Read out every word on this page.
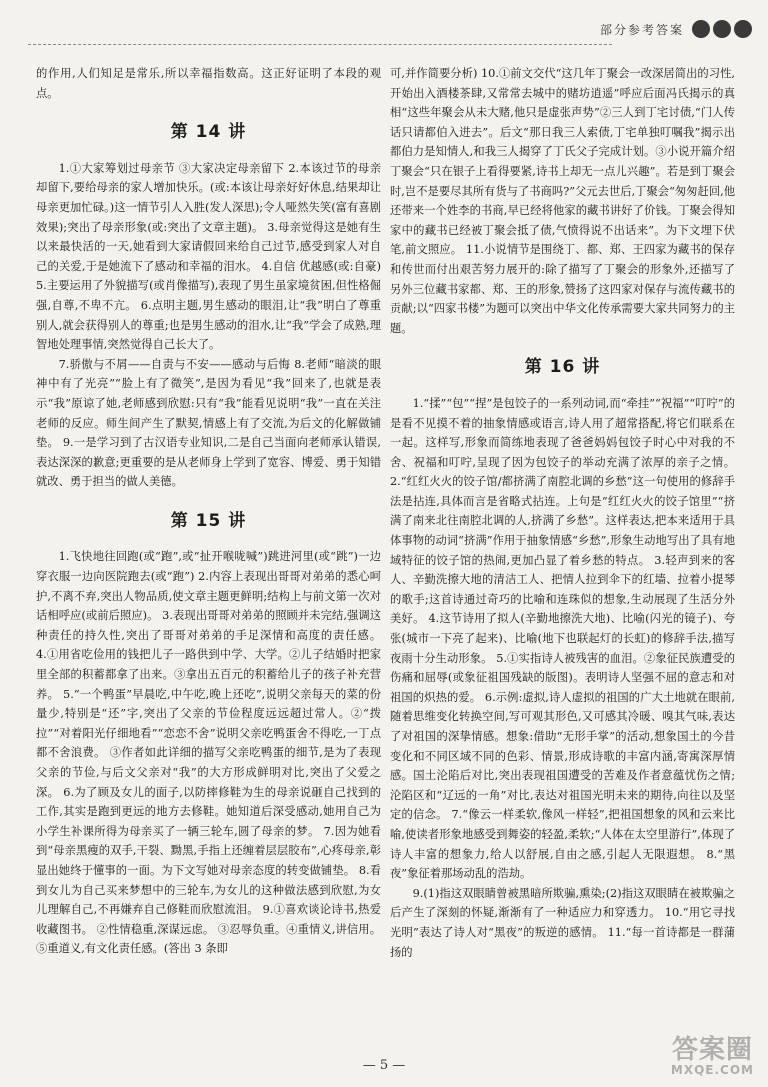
部分参考答案

的作用,人们知足是常乐,所以幸福指数高。这正好证明了本段的观点。

第 14 讲

1.①大家筹划过母亲节 ③大家决定母亲留下 2.本该过节的母亲却留下,要给母亲的家人增加快乐。(或:本该让母亲好好休息,结果却让母亲更加忙碌。)这一情节引人入胜(发人深思);令人哑然失笑(富有喜剧效果);突出了母亲形象(或:突出了文章主题)。 3.母亲觉得这是她有生以来最快活的一天,她看到大家请假回来给自己过节,感受到家人对自己的关爱,于是她流下了感动和幸福的泪水。 4.自信 优越感(或:自豪) 5.主要运用了外貌描写(或肖像描写),表现了男生虽家境贫困,但性格倔强,自尊,不卑不亢。 6.点明主题,男生感动的眼泪,让“我”明白了尊重别人,就会获得别人的尊重;也是男生感动的泪水,让“我”学会了成熟,理智地处理事情,突然觉得自己长大了。

7.骄傲与不屑——自责与不安——感动与后悔 8.老师“暗淡的眼神中有了光亮”“脸上有了微笑”,是因为看见“我”回来了,也就是表示“我”原谅了她,老师感到欣慰:只有“我”能看见说明“我”一直在关注老师的反应。师生间产生了默契,情感上有了交流,为后文的化解做铺垫。 9.一是学习到了古汉语专业知识,二是自己当面向老师承认错误,表达深深的歉意;更重要的是从老师身上学到了宽容、博爱、勇于知错就改、勇于担当的做人美德。

第 15 讲

1.飞快地往回跑(或“跑”,或“扯开喉咙喊”)跳进河里(或“跳”)一边穿衣服一边向医院跑去(或“跑”) 2.内容上表现出哥哥对弟弟的悉心呵护,不离不弃,突出人物品质,使文章主题更鲜明;结构上与前文第一次对话相呼应(或前后照应)。 3.表现出哥哥对弟弟的照顾并未完结,强调这种责任的持久性,突出了哥哥对弟弟的手足深情和高度的责任感。 4.①用省吃俭用的钱把儿子一路供到中学、大学。②儿子结婚时把家里全部的积蓄都拿了出来。③拿出五百元的积蓄给儿子的孩子补充营养。 5.“一个鸭蛋”早晨吃,中午吃,晚上还吃”,说明父亲每天的菜的份量少,特别是“还”字,突出了父亲的节俭程度远远超过常人。②“拨拉”“对着阳光仔细地看”“恋恋不舍”说明父亲吃鸭蛋舍不得吃,一丁点都不舍浪费。 ③作者如此详细的描写父亲吃鸭蛋的细节,是为了表现父亲的节俭,与后文父亲对“我”的大方形成鲜明对比,突出了父爱之深。 6.为了顾及女儿的面子,以防摔修鞋为生的母亲说砸自己找到的工作,其实是跑到更远的地方去修鞋。她知道后深受感动,她用自己为小学生补课所得为母亲买了一辆三轮车,圆了母亲的梦。 7.因为她看到“母亲黑瘦的双手,干裂、黝黑,手指上还缠着层层胶布”,心疼母亲,彰显出她终于懂事的一面。为下文写她对母亲态度的转变做铺垫。 8.看到女儿为自己买来梦想中的三轮车,为女儿的这种做法感到欣慰,为女儿理解自己,不再嫌弃自己修鞋而欣慰流泪。 9.①喜欢谈论诗书,热爱收藏图书。 ②性情稳重,深谋远虑。 ③忍辱负重。④重情义,讲信用。 ⑤重道义,有文化责任感。(答出 3 条即

可,并作简要分析) 10.①前文交代“这几年丁聚会一改深居简出的习性,开始出入酒楼茶肆,又常常去城中的赌坊逍遥”呼应后面冯氏揭示的真相“这些年聚会从未大赌,他只是虚张声势”②三人到丁宅讨债,“门人传话只请都伯入进去”。后文“那日我三人索债,丁宅单独叮嘱我”揭示出都伯力是知情人,和我三人揭穿了丁氏父子完成计划。③小说开篇介绍丁聚会“只在银子上看得要紧,诗书上却无一点儿兴趣”。若是到丁聚会时,岂不是要尽其所有货与了书商吗?”父元去世后,丁聚会“匆匆赶回,他还带来一个姓李的书商,早已经将他家的藏书讲好了价钱。丁聚会得知家中的藏书已经被丁聚会抵了债,气愤得说不出话来”。为下文埋下伏笔,前文照应。 11.小说情节是围绕丁、都、郑、王四家为藏书的保存和传世而付出艰苦努力展开的:除了描写了丁聚会的形象外,还描写了另外三位藏书家都、郑、王的形象,赞扬了这四家对保存与流传藏书的贡献;以“四家书楼”为题可以突出中华文化传承需要大家共同努力的主题。

第 16 讲

1.“揉”“包”“捏”是包饺子的一系列动词,而“牵挂”“祝福”“叮咛”的是看不见摸不着的抽象情感或语言,诗人用了超常搭配,将它们联系在一起。这样写,形象而简练地表现了爸爸妈妈包饺子时心中对我的不舍、祝福和叮咛,呈现了因为包饺子的举动充满了浓厚的亲子之情。 2.“红红火火的饺子馆/都挤满了南腔北调的乡愁”这一句使用的修辞手法是拈连,具体而言是省略式拈连。上句是“红红火火的饺子馆里”“挤满了南来北往南腔北调的人,挤满了乡愁”。这样表达,把本来适用于具体事物的动词“挤满”作用于抽象情感“乡愁”,形象生动地写出了具有地域特征的饺子馆的热闹,更加凸显了着乡愁的特点。 3.轻声到来的客人、辛勤洗擦大地的清洁工人、把情人拉到伞下的红墙、拉着小提琴的歌手;这首诗通过奇巧的比喻和连珠似的想象,生动展现了生活分外美好。 4.这节诗用了拟人(辛勤地擦洗大地)、比喻(闪光的镜子)、夸张(城市一下亮了起来)、比喻(地下也联起灯的长虹)的修辞手法,描写夜雨十分生动形象。 5.①实指诗人被残害的血泪。②象征民族遭受的伤痛和屈辱(或象征祖国残缺的版图)。表明诗人坚强不屈的意志和对祖国的炽热的爱。 6.示例:虚拟,诗人虚拟的祖国的广大土地就在眼前,随着思维变化转换空间,写可观其形色,又可感其冷暖、嗅其气味,表达了对祖国的深挚情感。想象:借助“无形手掌”的活动,想象国土的今昔变化和不同区域不同的色彩、情景,形成诗歌的丰富内涵,寄寓深厚情感。国土沦陷后对比,突出表现祖国遭受的苦难及作者意蕴忧伤之情;沦陷区和“辽远的一角”对比,表达对祖国光明未来的期待,向往以及坚定的信念。 7.“像云一样柔软,像风一样轻”,把祖国想象的风和云来比喻,使读者形象地感受到舞姿的轻盈,柔软;“人体在太空里游行”,体现了诗人丰富的想象力,给人以舒展,自由之感,引起人无限遐想。 8.“黑夜”象征着那场动乱的浩劫。

9.(1)指这双眼睛曾被黑暗所欺骗,熏染;(2)指这双眼睛在被欺骗之后产生了深刻的怀疑,渐渐有了一种适应力和穿透力。 10.“用它寻找光明”表达了诗人对“黑夜”的叛逆的感情。 11.“每一首诗都是一群蒲扬的

— 5 —
答案圈
MXQE.COM
